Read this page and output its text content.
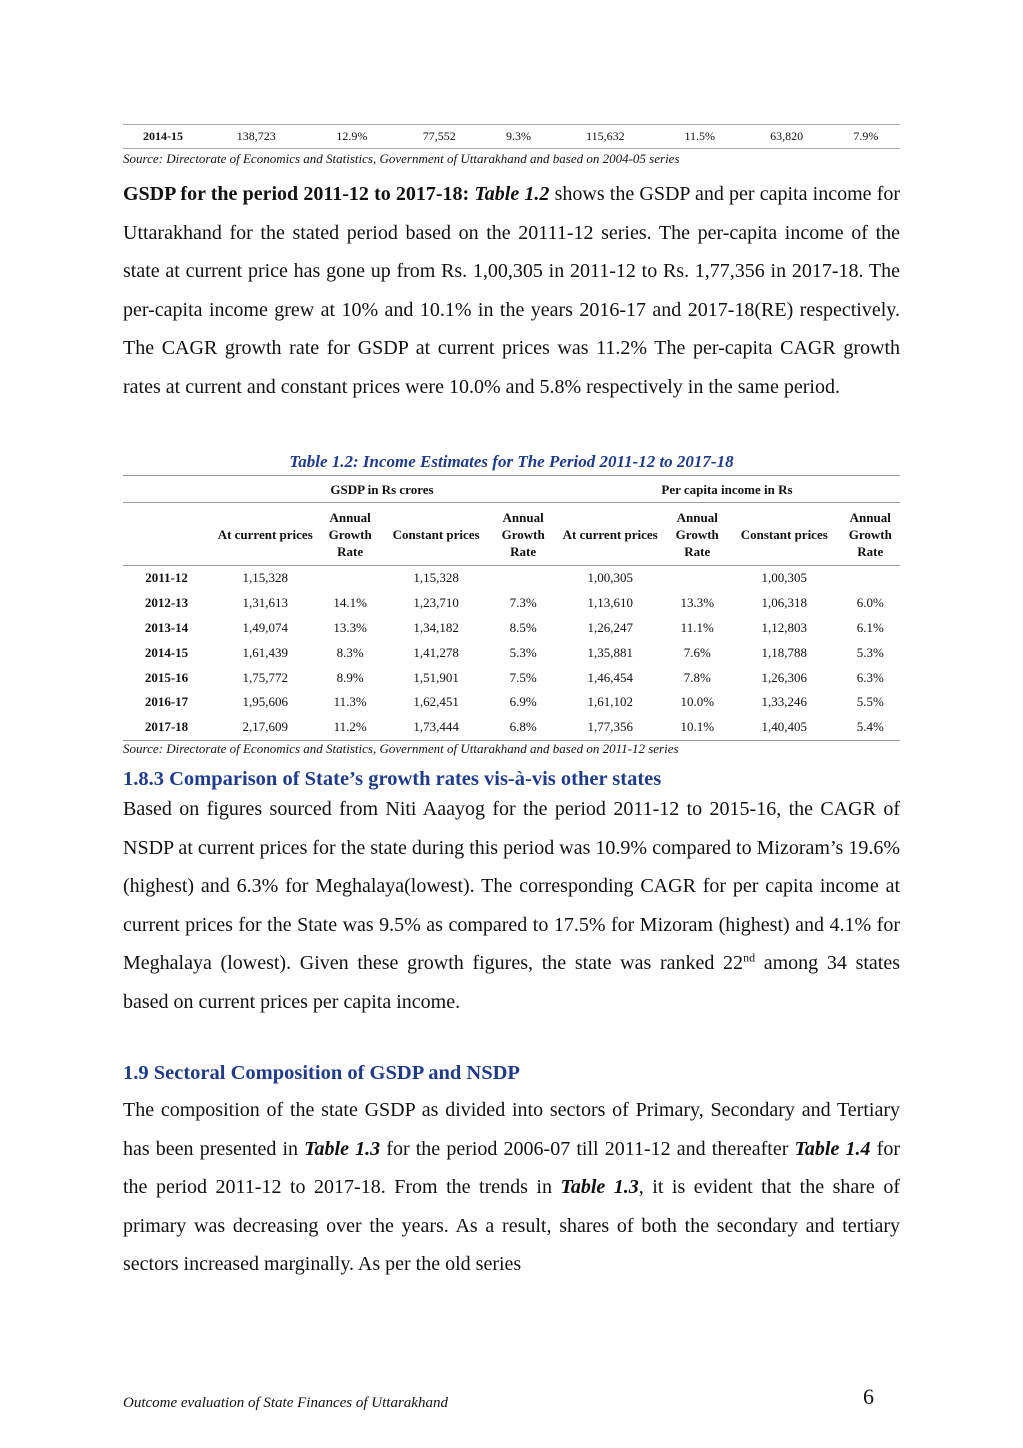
2014-15	138,723	12.9%	77,552	9.3%	115,632	11.5%	63,820	7.9%
Source: Directorate of Economics and Statistics, Government of Uttarakhand and based on 2004-05 series

GSDP for the period 2011-12 to 2017-18: Table 1.2 shows the GSDP and per capita income for Uttarakhand for the stated period based on the 20111-12 series. The per-capita income of the state at current price has gone up from Rs. 1,00,305 in 2011-12 to Rs. 1,77,356 in 2017-18. The per-capita income grew at 10% and 10.1% in the years 2016-17 and 2017-18(RE) respectively. The CAGR growth rate for GSDP at current prices was 11.2% The per-capita CAGR growth rates at current and constant prices were 10.0% and 5.8% respectively in the same period.

Table 1.2: Income Estimates for The Period 2011-12 to 2017-18
	GSDP in Rs crores				Per capita income in Rs			
	At current prices	Annual Growth Rate	Constant prices	Annual Growth Rate	At current prices	Annual Growth Rate	Constant prices	Annual Growth Rate
2011-12	1,15,328		1,15,328		1,00,305		1,00,305	
2012-13	1,31,613	14.1%	1,23,710	7.3%	1,13,610	13.3%	1,06,318	6.0%
2013-14	1,49,074	13.3%	1,34,182	8.5%	1,26,247	11.1%	1,12,803	6.1%
2014-15	1,61,439	8.3%	1,41,278	5.3%	1,35,881	7.6%	1,18,788	5.3%
2015-16	1,75,772	8.9%	1,51,901	7.5%	1,46,454	7.8%	1,26,306	6.3%
2016-17	1,95,606	11.3%	1,62,451	6.9%	1,61,102	10.0%	1,33,246	5.5%
2017-18	2,17,609	11.2%	1,73,444	6.8%	1,77,356	10.1%	1,40,405	5.4%
Source: Directorate of Economics and Statistics, Government of Uttarakhand and based on 2011-12 series
1.8.3 Comparison of State’s growth rates vis-à-vis other states

Based on figures sourced from Niti Aaayog for the period 2011-12 to 2015-16, the CAGR of NSDP at current prices for the state during this period was 10.9% compared to Mizoram’s 19.6% (highest) and 6.3% for Meghalaya(lowest). The corresponding CAGR for per capita income at current prices for the State was 9.5% as compared to 17.5% for Mizoram (highest) and 4.1% for Meghalaya (lowest). Given these growth figures, the state was ranked 22nd among 34 states based on current prices per capita income.

1.9 Sectoral Composition of GSDP and NSDP

The composition of the state GSDP as divided into sectors of Primary, Secondary and Tertiary has been presented in Table 1.3 for the period 2006-07 till 2011-12 and thereafter Table 1.4 for the period 2011-12 to 2017-18. From the trends in Table 1.3, it is evident that the share of primary was decreasing over the years. As a result, shares of both the secondary and tertiary sectors increased marginally. As per the old series

Outcome evaluation of State Finances of Uttarakhand	6
